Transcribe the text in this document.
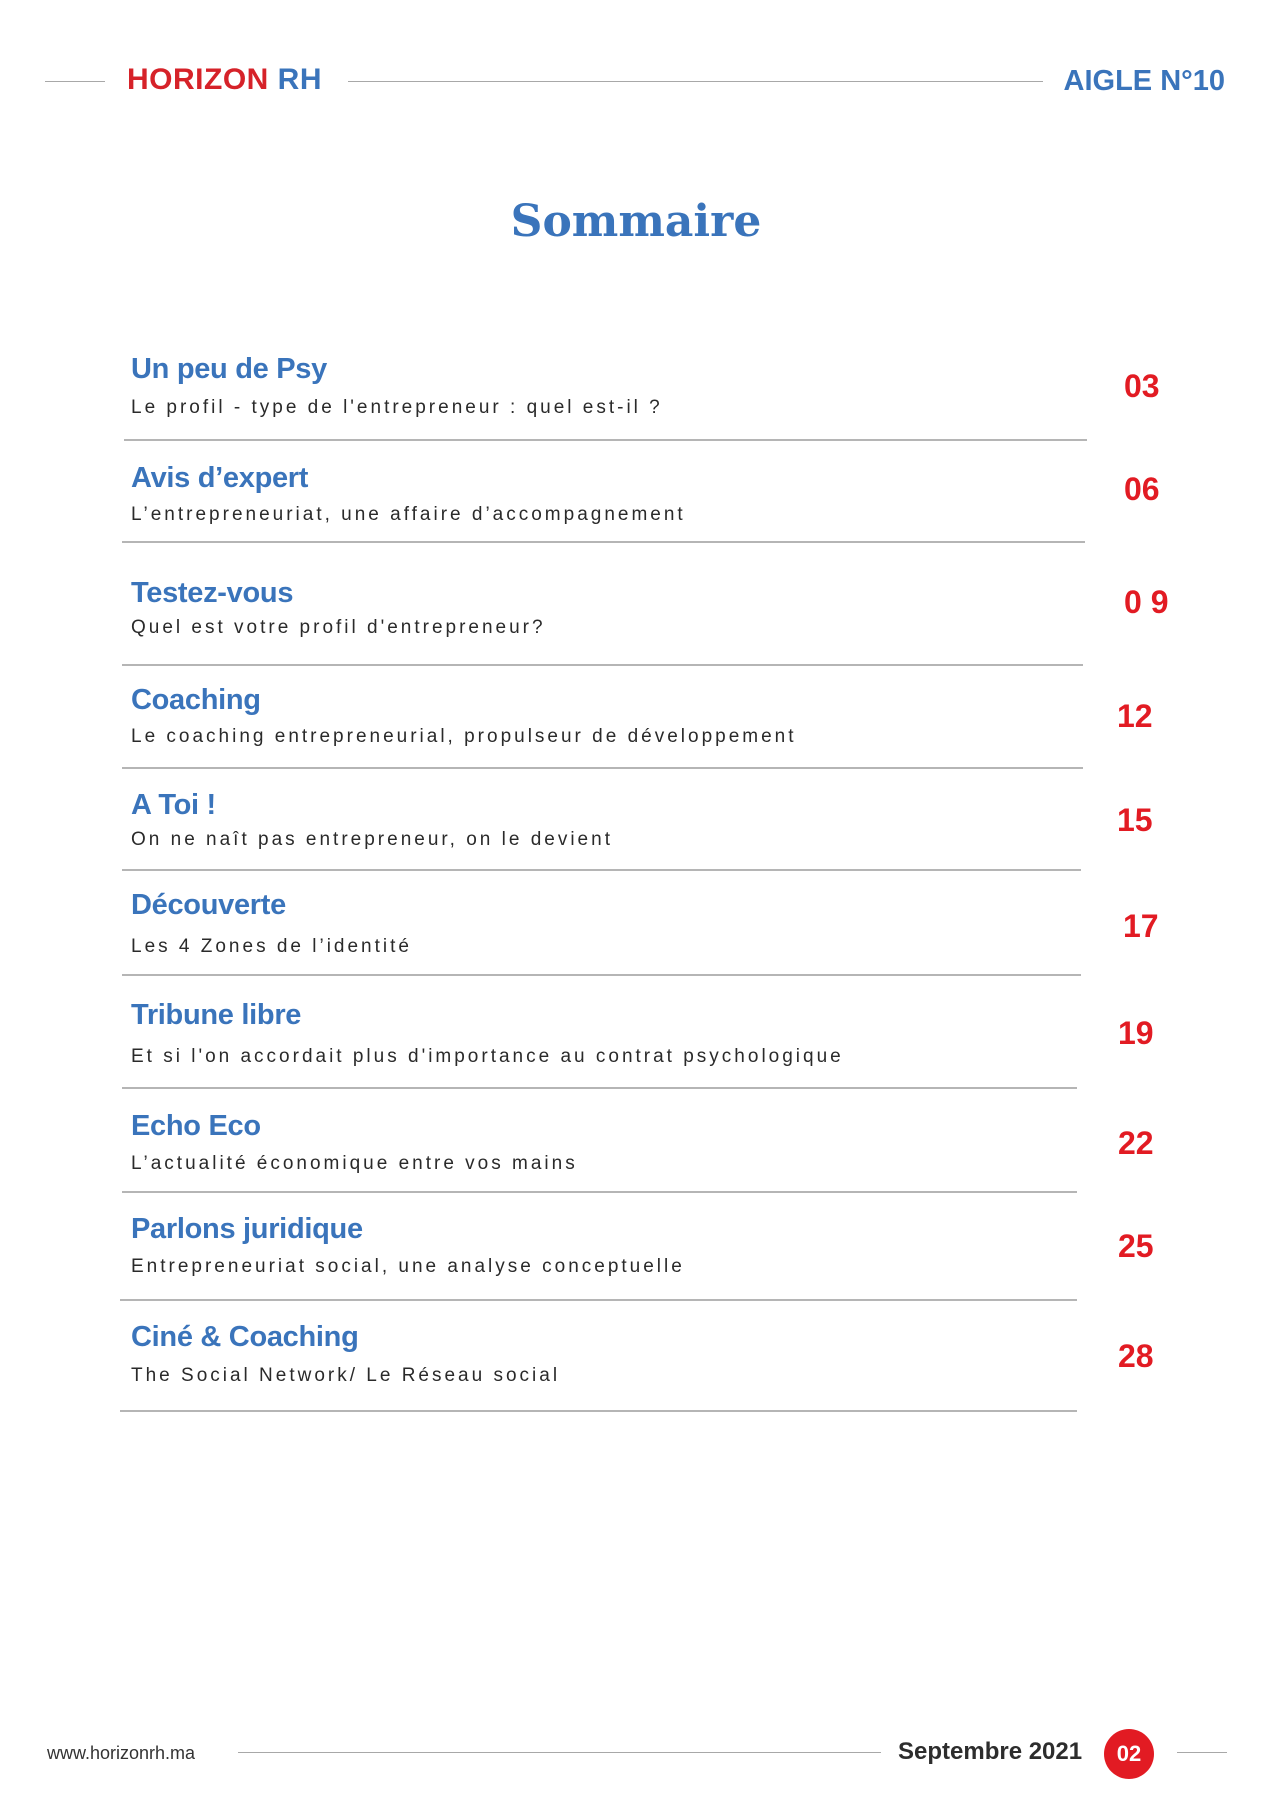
HORIZON RH	AIGLE N°10
Sommaire
Un peu de Psy
Le profil - type de l'entrepreneur : quel est-il ?
03
Avis d’expert
L’entrepreneuriat, une affaire d’accompagnement
06
Testez-vous
Quel est votre profil d'entrepreneur?
0 9
Coaching
Le coaching entrepreneurial, propulseur de développement
12
A Toi !
On ne naît pas entrepreneur, on le devient
15
Découverte
Les 4 Zones de l’identité
17
Tribune libre
Et si l'on accordait plus d'importance au contrat psychologique
19
Echo Eco
L’actualité économique entre vos mains
22
Parlons juridique
Entrepreneuriat social, une analyse conceptuelle
25
Ciné & Coaching
The Social Network/ Le Réseau social
28
www.horizonrh.ma	Septembre 2021	02
